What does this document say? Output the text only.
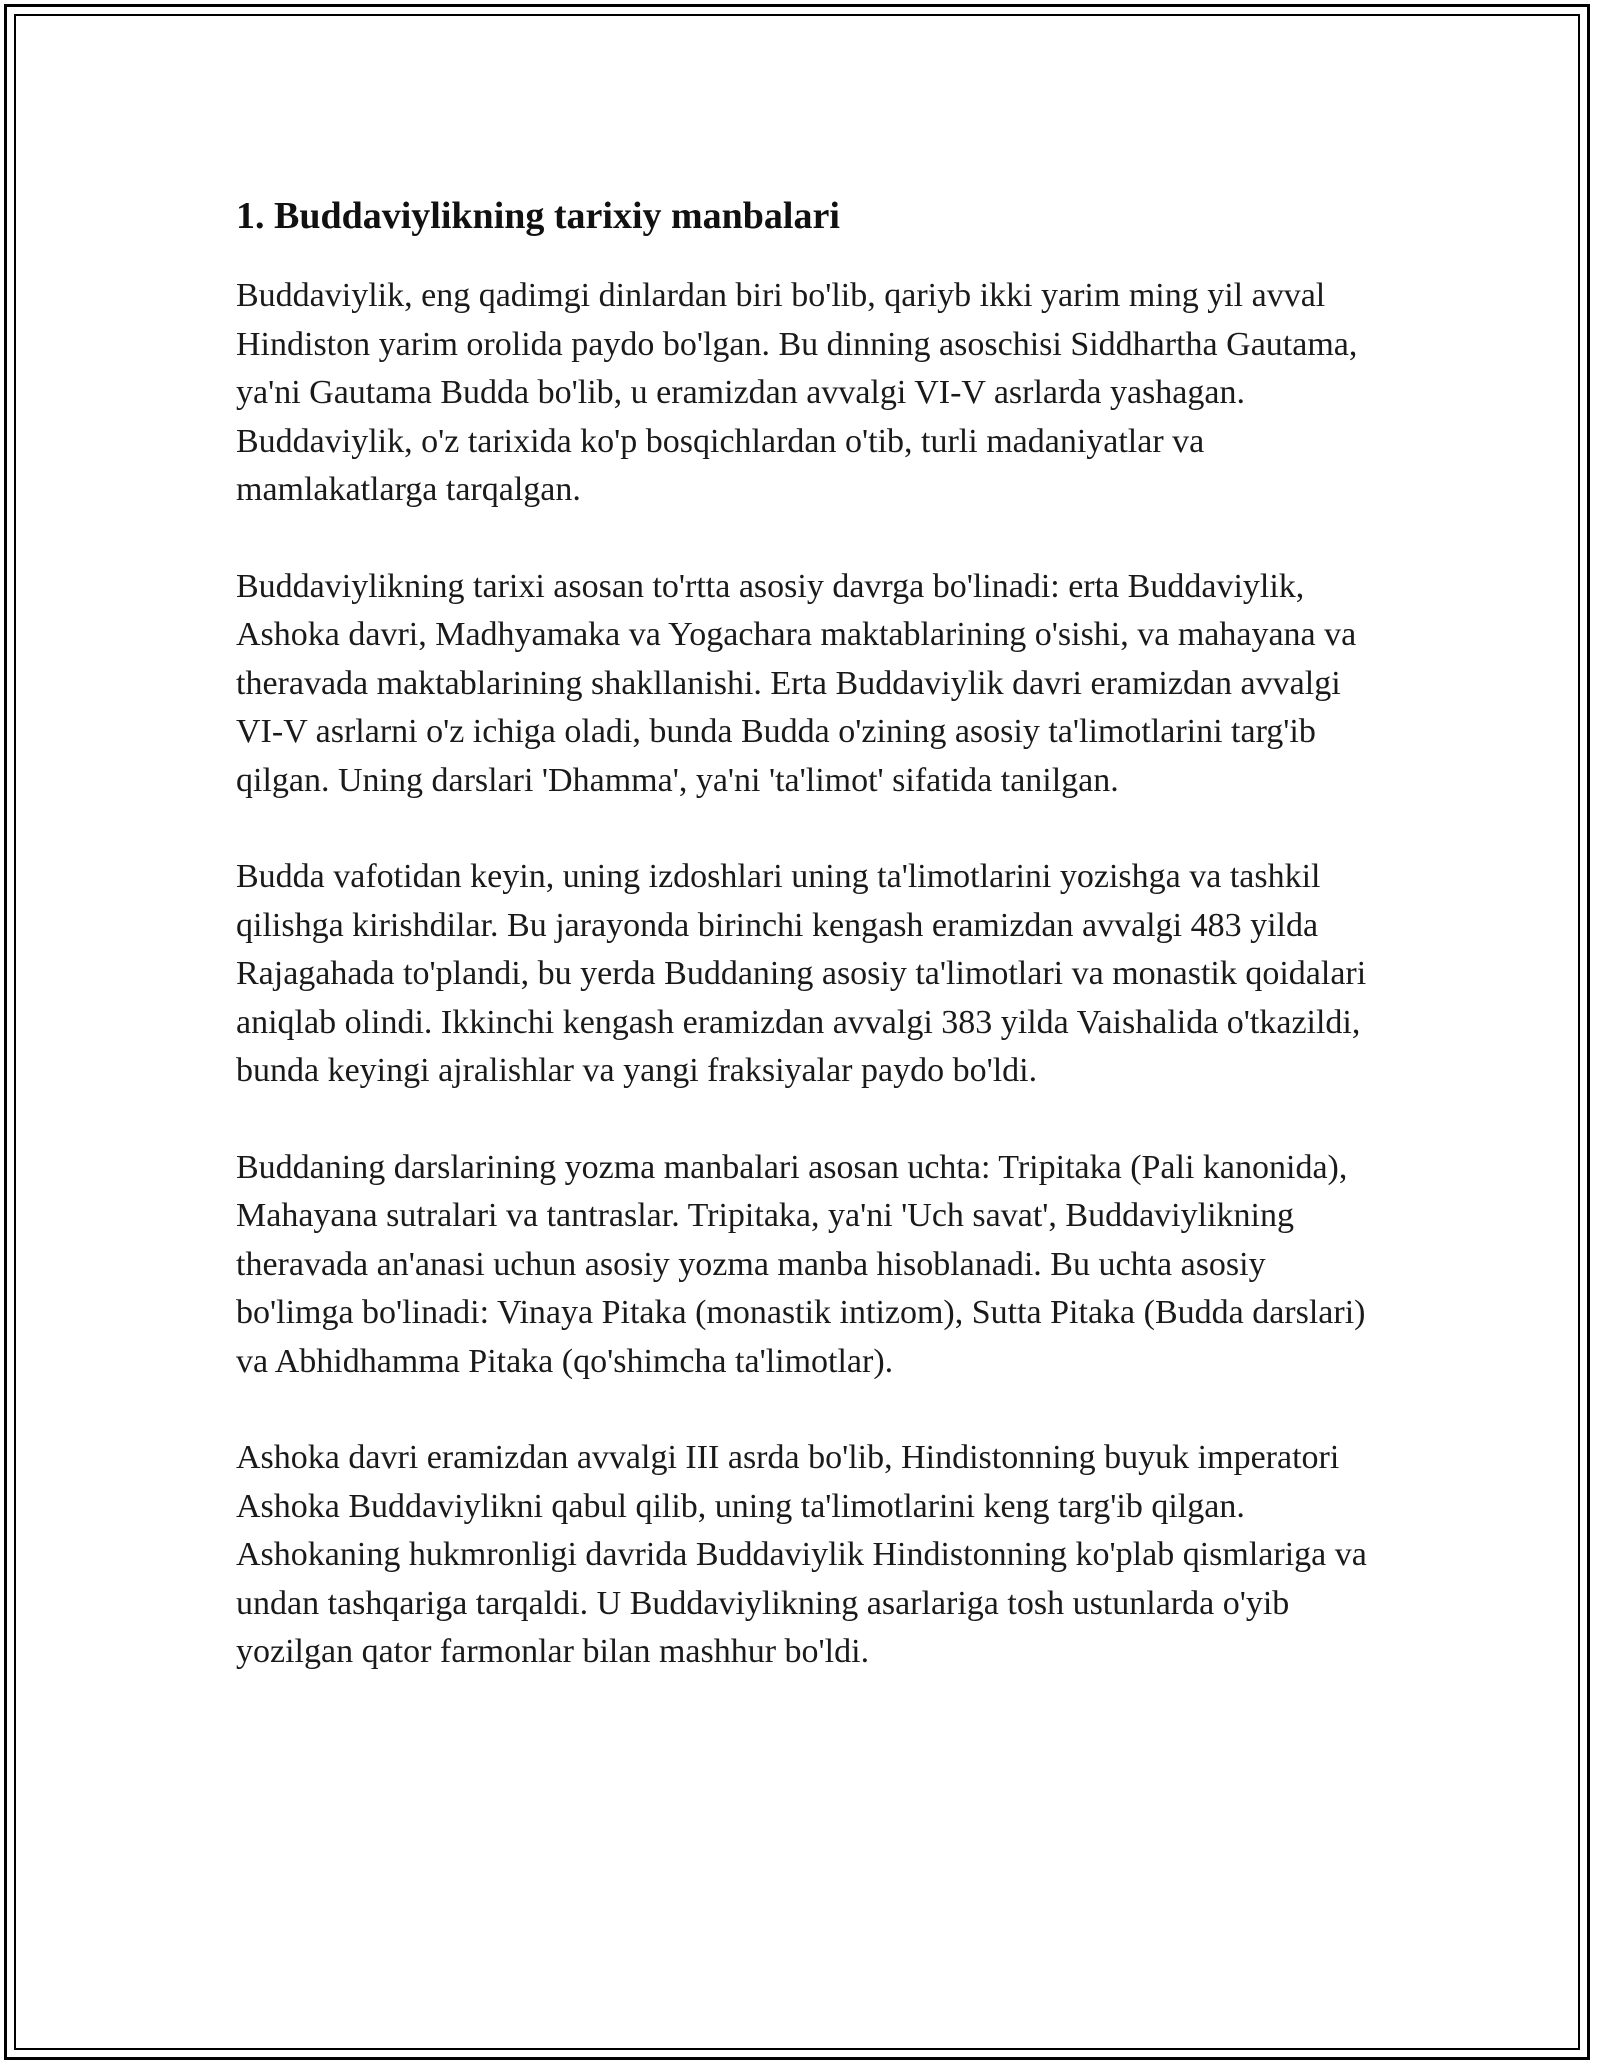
1. Buddaviylikning tarixiy manbalari

Buddaviylik, eng qadimgi dinlardan biri bo'lib, qariyb ikki yarim ming yil avval Hindiston yarim orolida paydo bo'lgan. Bu dinning asoschisi Siddhartha Gautama, ya'ni Gautama Budda bo'lib, u eramizdan avvalgi VI-V asrlarda yashagan. Buddaviylik, o'z tarixida ko'p bosqichlardan o'tib, turli madaniyatlar va mamlakatlarga tarqalgan.

Buddaviylikning tarixi asosan to'rtta asosiy davrga bo'linadi: erta Buddaviylik, Ashoka davri, Madhyamaka va Yogachara maktablarining o'sishi, va mahayana va theravada maktablarining shakllanishi. Erta Buddaviylik davri eramizdan avvalgi VI-V asrlarni o'z ichiga oladi, bunda Budda o'zining asosiy ta'limotlarini targ'ib qilgan. Uning darslari 'Dhamma', ya'ni 'ta'limot' sifatida tanilgan.

Budda vafotidan keyin, uning izdoshlari uning ta'limotlarini yozishga va tashkil qilishga kirishdilar. Bu jarayonda birinchi kengash eramizdan avvalgi 483 yilda Rajagahada to'plandi, bu yerda Buddaning asosiy ta'limotlari va monastik qoidalari aniqlab olindi. Ikkinchi kengash eramizdan avvalgi 383 yilda Vaishalida o'tkazildi, bunda keyingi ajralishlar va yangi fraksiyalar paydo bo'ldi.

Buddaning darslarining yozma manbalari asosan uchta: Tripitaka (Pali kanonida), Mahayana sutralari va tantraslar. Tripitaka, ya'ni 'Uch savat', Buddaviylikning theravada an'anasi uchun asosiy yozma manba hisoblanadi. Bu uchta asosiy bo'limga bo'linadi: Vinaya Pitaka (monastik intizom), Sutta Pitaka (Budda darslari) va Abhidhamma Pitaka (qo'shimcha ta'limotlar).

Ashoka davri eramizdan avvalgi III asrda bo'lib, Hindistonning buyuk imperatori Ashoka Buddaviylikni qabul qilib, uning ta'limotlarini keng targ'ib qilgan. Ashokaning hukmronligi davrida Buddaviylik Hindistonning ko'plab qismlariga va undan tashqariga tarqaldi. U Buddaviylikning asarlariga tosh ustunlarda o'yib yozilgan qator farmonlar bilan mashhur bo'ldi.
